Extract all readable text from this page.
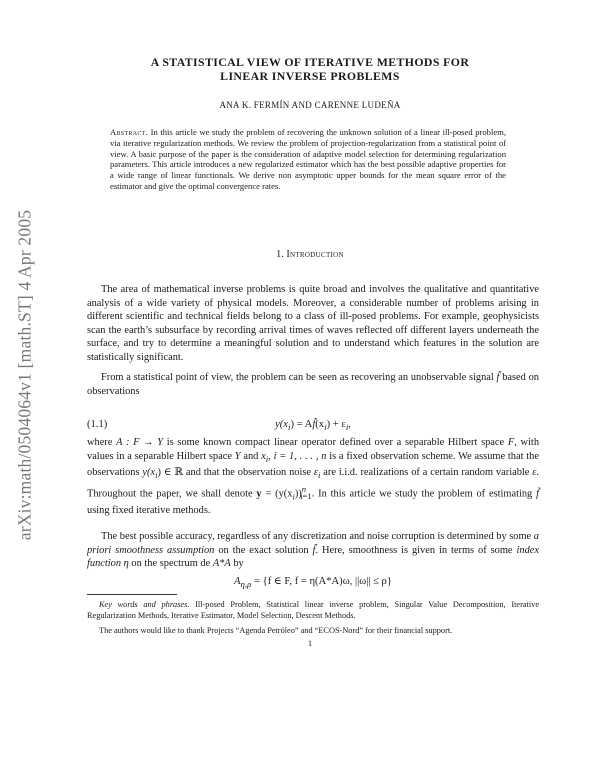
arXiv:math/0504064v1 [math.ST] 4 Apr 2005
A STATISTICAL VIEW OF ITERATIVE METHODS FOR
LINEAR INVERSE PROBLEMS
ANA K. FERMÍN AND CARENNE LUDEÑA
Abstract. In this article we study the problem of recovering the unknown solution of a linear ill-posed problem, via iterative regularization methods. We review the problem of projection-regularization from a statistical point of view. A basic purpose of the paper is the consideration of adaptive model selection for determining regularization parameters. This article introduces a new regularized estimator which has the best possible adaptive properties for a wide range of linear functionals. We derive non asymptotic upper bounds for the mean square error of the estimator and give the optimal convergence rates.
1. Introduction
The area of mathematical inverse problems is quite broad and involves the qualitative and quantitative analysis of a wide variety of physical models. Moreover, a considerable number of problems arising in different scientific and technical fields belong to a class of ill-posed problems. For example, geophysicists scan the earth’s subsurface by recording arrival times of waves reflected off different layers underneath the surface, and try to determine a meaningful solution and to understand which features in the solution are statistically significant.
From a statistical point of view, the problem can be seen as recovering an unobservable signal f̃ based on observations
(1.1)	$y(x_i)$ = $Af̃(x_i) + \varepsilon_i$,
where A : F → Y is some known compact linear operator defined over a separable Hilbert space F, with values in a separable Hilbert space Y and $x_i$, i = 1, . . . , n is a fixed observation scheme. We assume that the observations $y(x_i)$ ∈ ℝ and that the observation noise $\varepsilon_i$ are i.i.d. realizations of a certain random variable ε. Throughout the paper, we shall denote $y = (y(x_i))^n_{i=1}$. In this article we study the problem of estimating f̃ using fixed iterative methods.
The best possible accuracy, regardless of any discretization and noise corruption is determined by some a priori smoothness assumption on the exact solution f̃. Here, smoothness is given in terms of some index function η on the spectrum de A*A by
$A_{\eta,\rho} = \{f$ ∈ F, f = η(A*A)ω, ||ω|| ≤ ρ}
Key words and phrases. Ill-posed Problem, Statistical linear inverse problem, Singular Value Decomposition, Iterative Regularization Methods, Iterative Estimator, Model Selection, Descent Methods.
The authors would like to thank Projects “Agenda Petróleo” and “ECOS-Nord” for their financial support.
1
